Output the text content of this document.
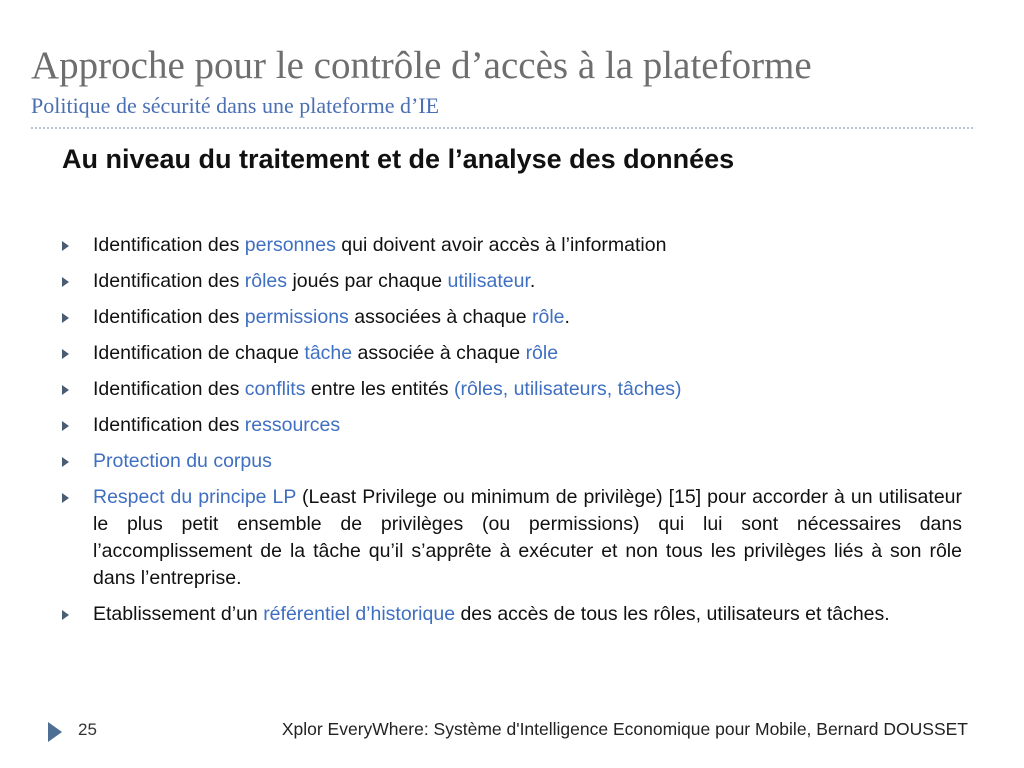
Approche pour le contrôle d’accès à la plateforme
Politique de sécurité dans une plateforme d’IE
Au niveau du traitement et de l’analyse des données
Identification des personnes qui doivent avoir accès à l’information
Identification des rôles joués par chaque utilisateur.
Identification des permissions associées à chaque rôle.
Identification de chaque tâche associée à chaque rôle
Identification des conflits entre les entités (rôles, utilisateurs, tâches)
Identification des ressources
Protection du corpus
Respect du principe LP (Least Privilege ou minimum de privilège) [15] pour accorder à un utilisateur le plus petit ensemble de privilèges (ou permissions) qui lui sont nécessaires dans l’accomplissement de la tâche qu’il s’apprête à exécuter et non tous les privilèges liés à son rôle dans l’entreprise.
Etablissement d’un référentiel d’historique des accès de tous les rôles, utilisateurs et tâches.
25	Xplor EveryWhere: Système d'Intelligence Economique pour Mobile, Bernard DOUSSET
